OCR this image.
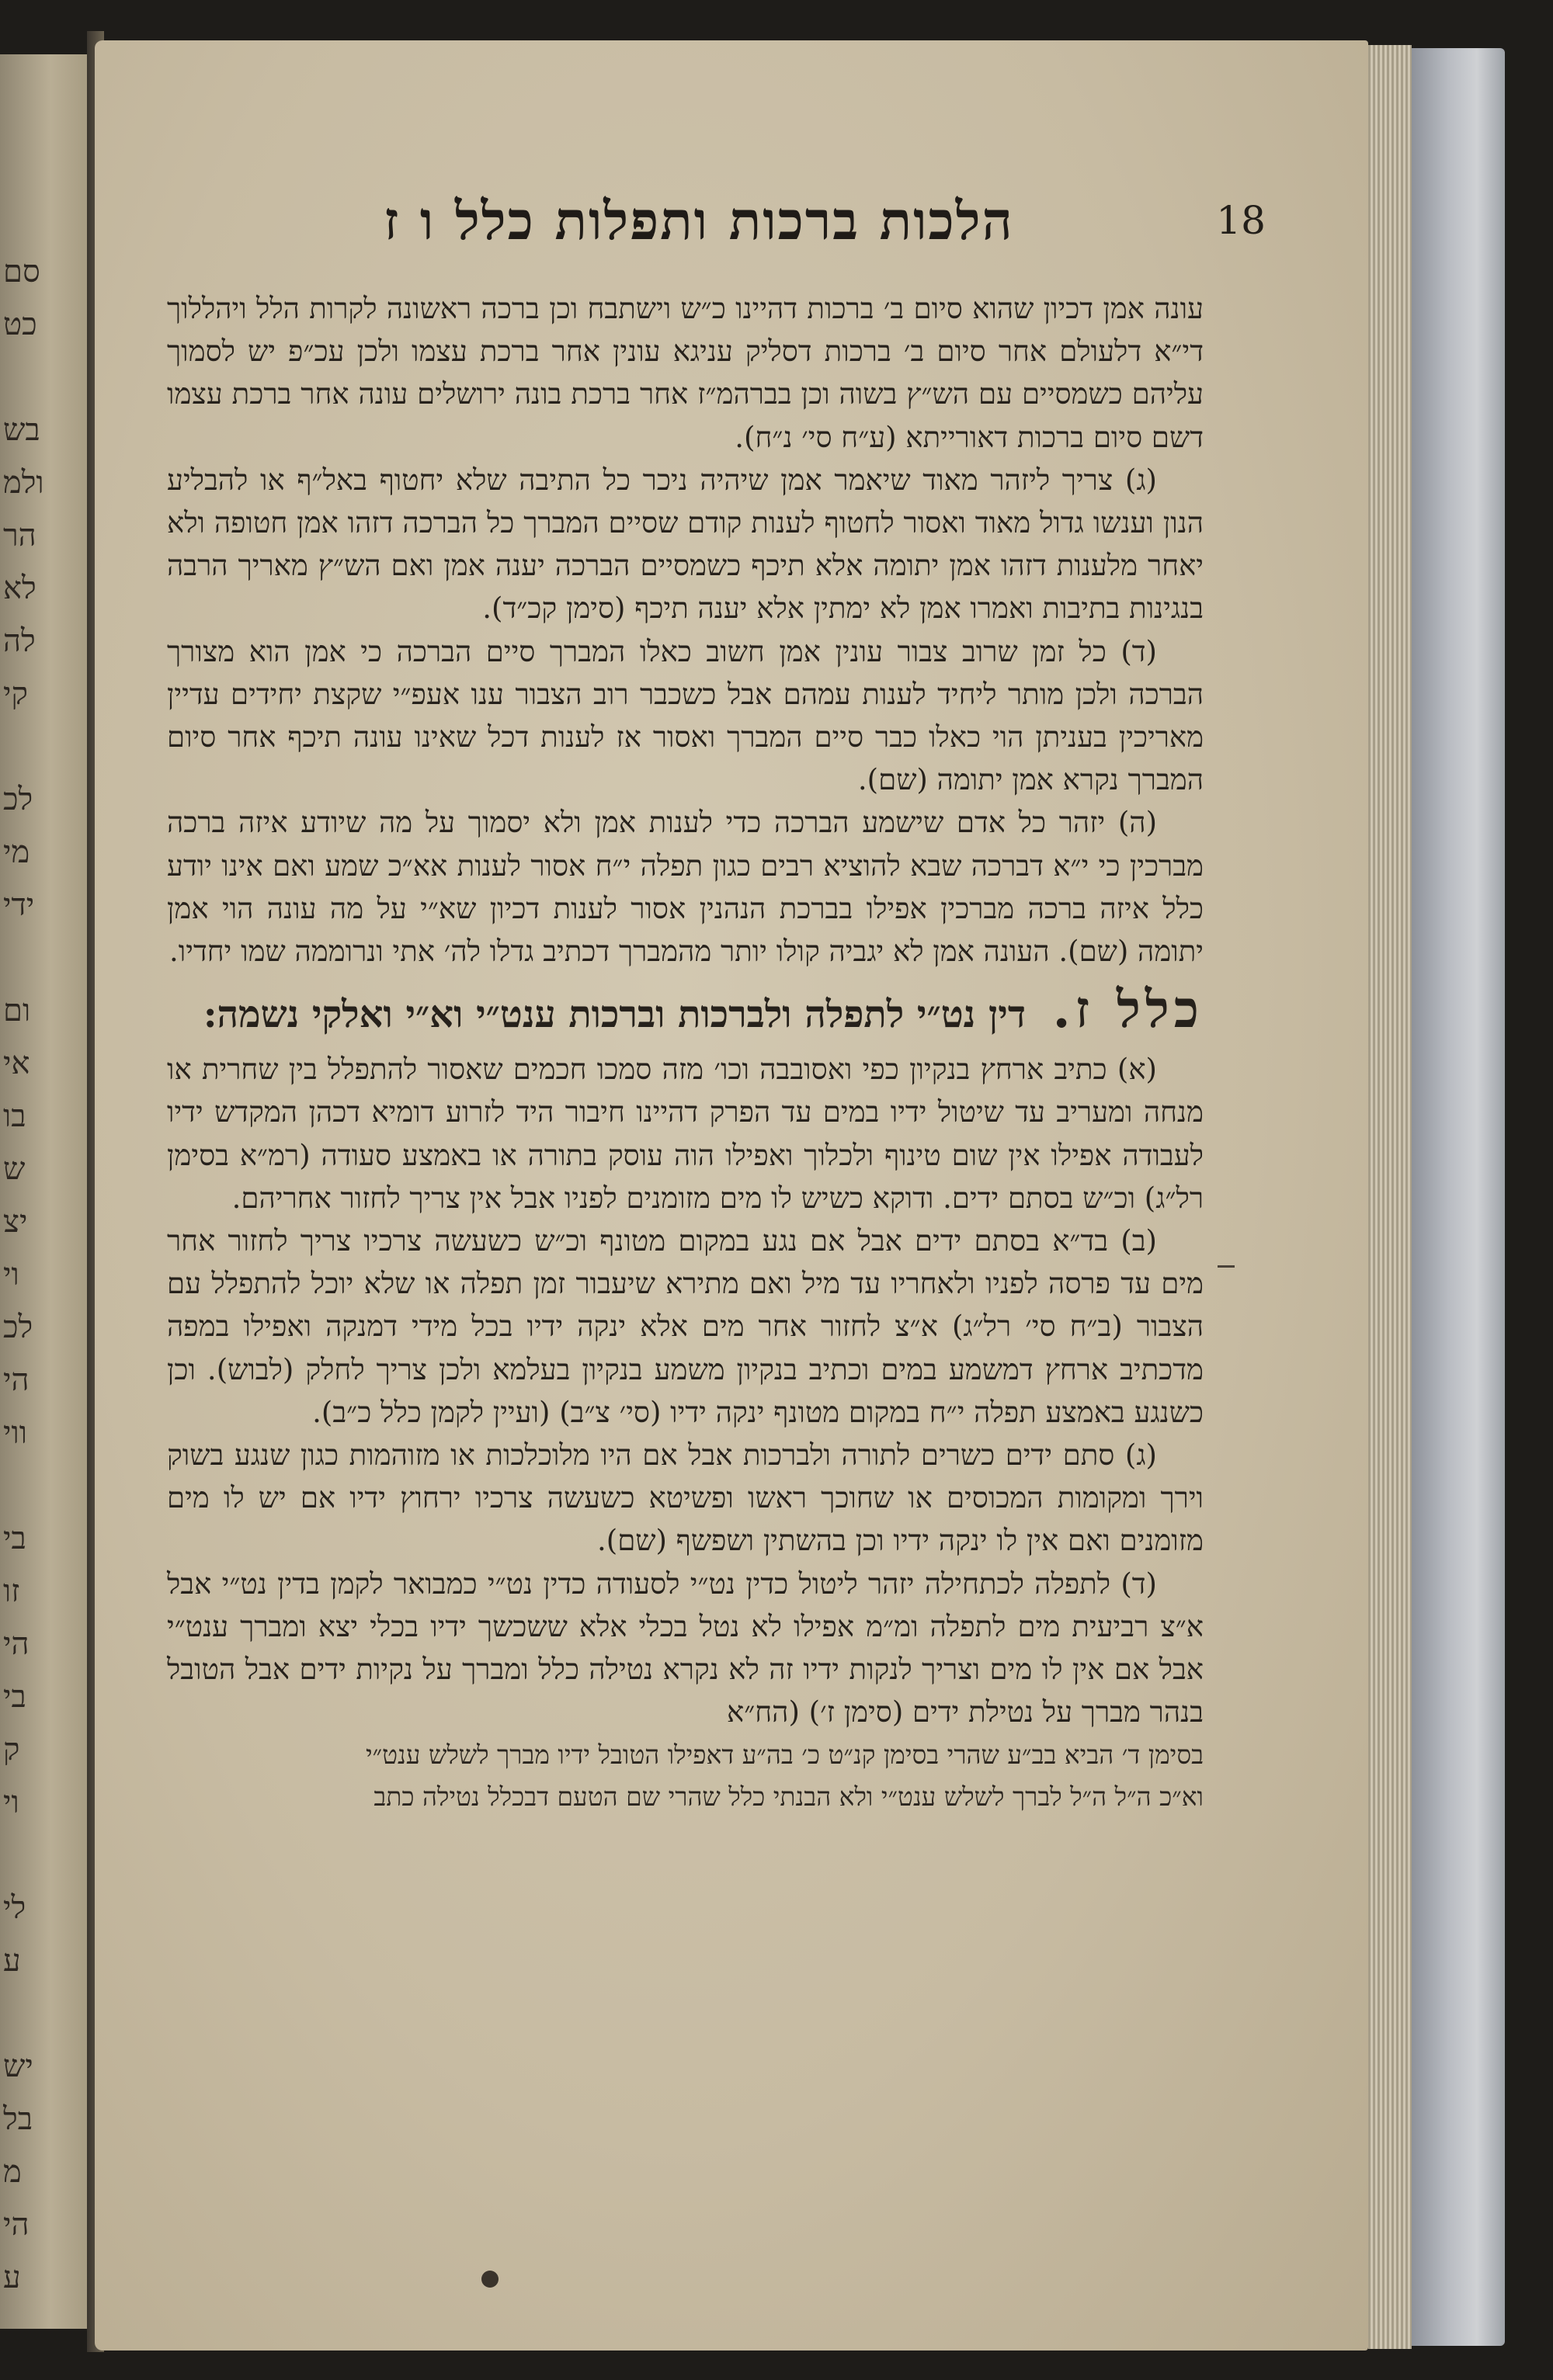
סם
כט
בש
ולמ
הר
לא
לה
קי
לכ
מי
ידי
ום
אי
בו
ש
יצ
וי
לכ
הי
ווי
בי
זו
הי
בי
ק
וי
לי
ע
יש
בל
מ
הי
ע
הלכות ברכות ותפלות כלל ו ז	18

עונה אמן דכיון שהוא סיום ב׳ ברכות דהיינו כ״ש וישתבח וכן ברכה ראשונה לקרות הלל ויהללוך די״א דלעולם אחר סיום ב׳ ברכות דסליק עניגא עונין אחר ברכת עצמו ולכן עכ״פ יש לסמוך עליהם כשמסיים עם הש״ץ בשוה וכן בברהמ״ז אחר ברכת בונה ירושלים עונה אחר ברכת עצמו דשם סיום ברכות דאורייתא (ע״ח סי׳ נ״ח).

(ג) צריך ליזהר מאוד שיאמר אמן שיהיה ניכר כל התיבה שלא יחטוף באל״ף או להבליע הנון וענשו גדול מאוד ואסור לחטוף לענות קודם שסיים המברך כל הברכה דזהו אמן חטופה ולא יאחר מלענות דזהו אמן יתומה אלא תיכף כשמסיים הברכה יענה אמן ואם הש״ץ מאריך הרבה בנגינות בתיבות ואמרו אמן לא ימתין אלא יענה תיכף (סימן קכ״ד).

(ד) כל זמן שרוב צבור עונין אמן חשוב כאלו המברך סיים הברכה כי אמן הוא מצורך הברכה ולכן מותר ליחיד לענות עמהם אבל כשכבר רוב הצבור ענו אעפ״י שקצת יחידים עדיין מאריכין בעניתן הוי כאלו כבר סיים המברך ואסור אז לענות דכל שאינו עונה תיכף אחר סיום המברך נקרא אמן יתומה (שם).

(ה) יזהר כל אדם שישמע הברכה כדי לענות אמן ולא יסמוך על מה שיודע איזה ברכה מברכין כי י״א דברכה שבא להוציא רבים כגון תפלה י״ח אסור לענות אא״כ שמע ואם אינו יודע כלל איזה ברכה מברכין אפילו בברכת הנהנין אסור לענות דכיון שא״י על מה עונה הוי אמן יתומה (שם). העונה אמן לא יגביה קולו יותר מהמברך דכתיב גדלו לה׳ אתי ונרוממה שמו יחדיו.

כלל ז. דין נט״י לתפלה ולברכות וברכות ענט״י וא״י ואלקי נשמה:

(א) כתיב ארחץ בנקיון כפי ואסובבה וכו׳ מזה סמכו חכמים שאסור להתפלל בין שחרית או מנחה ומעריב עד שיטול ידיו במים עד הפרק דהיינו חיבור היד לזרוע דומיא דכהן המקדש ידיו לעבודה אפילו אין שום טינוף ולכלוך ואפילו הוה עוסק בתורה או באמצע סעודה (רמ״א בסימן רל״ג) וכ״ש בסתם ידים. ודוקא כשיש לו מים מזומנים לפניו אבל אין צריך לחזור אחריהם.

(ב) בד״א בסתם ידים אבל אם נגע במקום מטונף וכ״ש כשעשה צרכיו צריך לחזור אחר מים עד פרסה לפניו ולאחריו עד מיל ואם מתירא שיעבור זמן תפלה או שלא יוכל להתפלל עם הצבור (ב״ח סי׳ רל״ג) א״צ לחזור אחר מים אלא ינקה ידיו בכל מידי דמנקה ואפילו במפה מדכתיב ארחץ דמשמע במים וכתיב בנקיון משמע בנקיון בעלמא ולכן צריך לחלק (לבוש). וכן כשנגע באמצע תפלה י״ח במקום מטונף ינקה ידיו (סי׳ צ״ב) (ועיין לקמן כלל כ״ב).

(ג) סתם ידים כשרים לתורה ולברכות אבל אם היו מלוכלכות או מזוהמות כגון שנגע בשוק וירך ומקומות המכוסים או שחוכך ראשו ופשיטא כשעשה צרכיו ירחוץ ידיו אם יש לו מים מזומנים ואם אין לו ינקה ידיו וכן בהשתין ושפשף (שם).

(ד) לתפלה לכתחילה יזהר ליטול כדין נט״י לסעודה כדין נט״י כמבואר לקמן בדין נט״י אבל א״צ רביעית מים לתפלה ומ״מ אפילו לא נטל בכלי אלא ששכשך ידיו בכלי יצא ומברך ענט״י אבל אם אין לו מים וצריך לנקות ידיו זה לא נקרא נטילה כלל ומברך על נקיות ידים אבל הטובל בנהר מברך על נטילת ידים (סימן ז׳) (הח״א

בסימן ד׳ הביא בב״ע שהרי בסימן קנ״ט כ׳ בה״ע דאפילו הטובל ידיו מברך לשלש ענט״י

וא״כ ה״ל ה״ל לברך לשלש ענט״י ולא הבנתי כלל שהרי שם הטעם דבכלל נטילה כתב
